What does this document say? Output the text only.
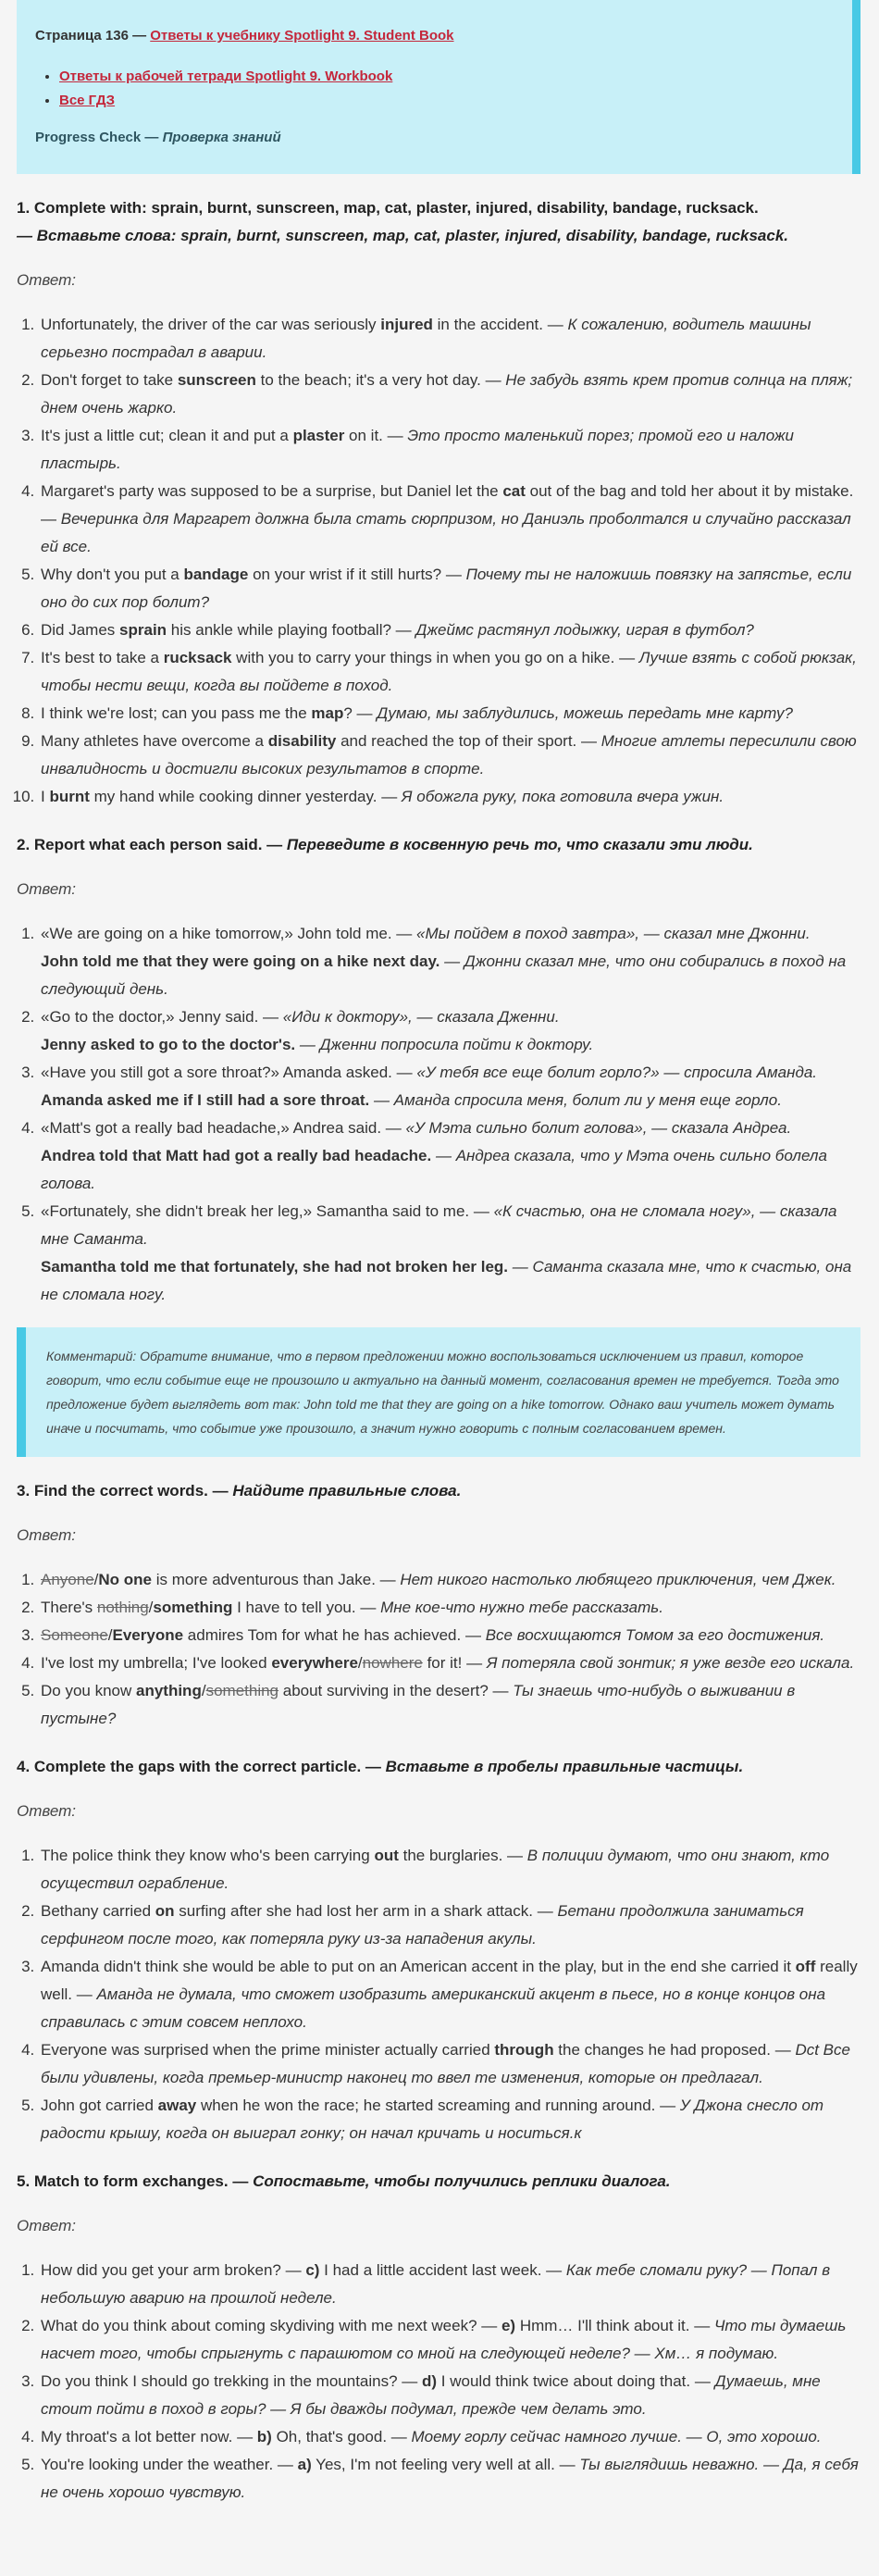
Страница 136 — Ответы к учебнику Spotlight 9. Student Book
• Ответы к рабочей тетради Spotlight 9. Workbook
• Все ГДЗ
Progress Check — Проверка знаний
1. Complete with: sprain, burnt, sunscreen, map, cat, plaster, injured, disability, bandage, rucksack.
— Вставьте слова: sprain, burnt, sunscreen, map, cat, plaster, injured, disability, bandage, rucksack.
Ответ:
1. Unfortunately, the driver of the car was seriously injured in the accident. — К сожалению, водитель машины серьезно пострадал в аварии.
2. Don't forget to take sunscreen to the beach; it's a very hot day. — Не забудь взять крем против солнца на пляж; днем очень жарко.
3. It's just a little cut; clean it and put a plaster on it. — Это просто маленький порез; промой его и наложи пластырь.
4. Margaret's party was supposed to be a surprise, but Daniel let the cat out of the bag and told her about it by mistake. — Вечеринка для Маргарет должна была стать сюрпризом, но Даниэль проболтался и случайно рассказал ей все.
5. Why don't you put a bandage on your wrist if it still hurts? — Почему ты не наложишь повязку на запястье, если оно до сих пор болит?
6. Did James sprain his ankle while playing football? — Джеймс растянул лодыжку, играя в футбол?
7. It's best to take a rucksack with you to carry your things in when you go on a hike. — Лучше взять с собой рюкзак, чтобы нести вещи, когда вы пойдете в поход.
8. I think we're lost; can you pass me the map? — Думаю, мы заблудились, можешь передать мне карту?
9. Many athletes have overcome a disability and reached the top of their sport. — Многие атлеты пересилили свою инвалидность и достигли высоких результатов в спорте.
10. I burnt my hand while cooking dinner yesterday. — Я обожгла руку, пока готовила вчера ужин.
2. Report what each person said. — Переведите в косвенную речь то, что сказали эти люди.
Ответ:
1. «We are going on a hike tomorrow,» John told me. — «Мы пойдем в поход завтра», — сказал мне Джонни.
John told me that they were going on a hike next day. — Джонни сказал мне, что они собирались в поход на следующий день.
2. «Go to the doctor,» Jenny said. — «Иди к доктору», — сказала Дженни.
Jenny asked to go to the doctor's. — Дженни попросила пойти к доктору.
3. «Have you still got a sore throat?» Amanda asked. — «У тебя все еще болит горло?» — спросила Аманда.
Amanda asked me if I still had a sore throat. — Аманда спросила меня, болит ли у меня еще горло.
4. «Matt's got a really bad headache,» Andrea said. — «У Мэта сильно болит голова», — сказала Андреа.
Andrea told that Matt had got a really bad headache. — Андреа сказала, что у Мэта очень сильно болела голова.
5. «Fortunately, she didn't break her leg,» Samantha said to me. — «К счастью, она не сломала ногу», — сказала мне Саманта.
Samantha told me that fortunately, she had not broken her leg. — Саманта сказала мне, что к счастью, она не сломала ногу.
Комментарий: Обратите внимание, что в первом предложении можно воспользоваться исключением из правил, которое говорит, что если событие еще не произошло и актуально на данный момент, согласования времен не требуется. Тогда это предложение будет выглядеть вот так: John told me that they are going on a hike tomorrow. Однако ваш учитель может думать иначе и посчитать, что событие уже произошло, а значит нужно говорить с полным согласованием времен.
3. Find the correct words. — Найдите правильные слова.
Ответ:
1. Anyone/No one is more adventurous than Jake. — Нет никого настолько любящего приключения, чем Джек.
2. There's nothing/something I have to tell you. — Мне кое-что нужно тебе рассказать.
3. Someone/Everyone admires Tom for what he has achieved. — Все восхищаются Томом за его достижения.
4. I've lost my umbrella; I've looked everywhere/nowhere for it! — Я потеряла свой зонтик; я уже везде его искала.
5. Do you know anything/something about surviving in the desert? — Ты знаешь что-нибудь о выживании в пустыне?
4. Complete the gaps with the correct particle. — Вставьте в пробелы правильные частицы.
Ответ:
1. The police think they know who's been carrying out the burglaries. — В полиции думают, что они знают, кто осуществил ограбление.
2. Bethany carried on surfing after she had lost her arm in a shark attack. — Бетани продолжила заниматься серфингом после того, как потеряла руку из-за нападения акулы.
3. Amanda didn't think she would be able to put on an American accent in the play, but in the end she carried it off really well. — Аманда не думала, что сможет изобразить американский акцент в пьесе, но в конце концов она справилась с этим совсем неплохо.
4. Everyone was surprised when the prime minister actually carried through the changes he had proposed. — Dct Все были удивлены, когда премьер-министр наконец то ввел те изменения, которые он предлагал.
5. John got carried away when he won the race; he started screaming and running around. — У Джона снесло от радости крышу, когда он выиграл гонку; он начал кричать и носиться.к
5. Match to form exchanges. — Сопоставьте, чтобы получились реплики диалога.
Ответ:
1. How did you get your arm broken? — c) I had a little accident last week. — Как тебе сломали руку? — Попал в небольшую аварию на прошлой неделе.
2. What do you think about coming skydiving with me next week? — e) Hmm… I'll think about it. — Что ты думаешь насчет того, чтобы спрыгнуть с парашютом со мной на следующей неделе? — Хм… я подумаю.
3. Do you think I should go trekking in the mountains? — d) I would think twice about doing that. — Думаешь, мне стоит пойти в поход в горы? — Я бы дважды подумал, прежде чем делать это.
4. My throat's a lot better now. — b) Oh, that's good. — Моему горлу сейчас намного лучше. — О, это хорошо.
5. You're looking under the weather. — a) Yes, I'm not feeling very well at all. — Ты выглядишь неважно. — Да, я себя не очень хорошо чувствую.
